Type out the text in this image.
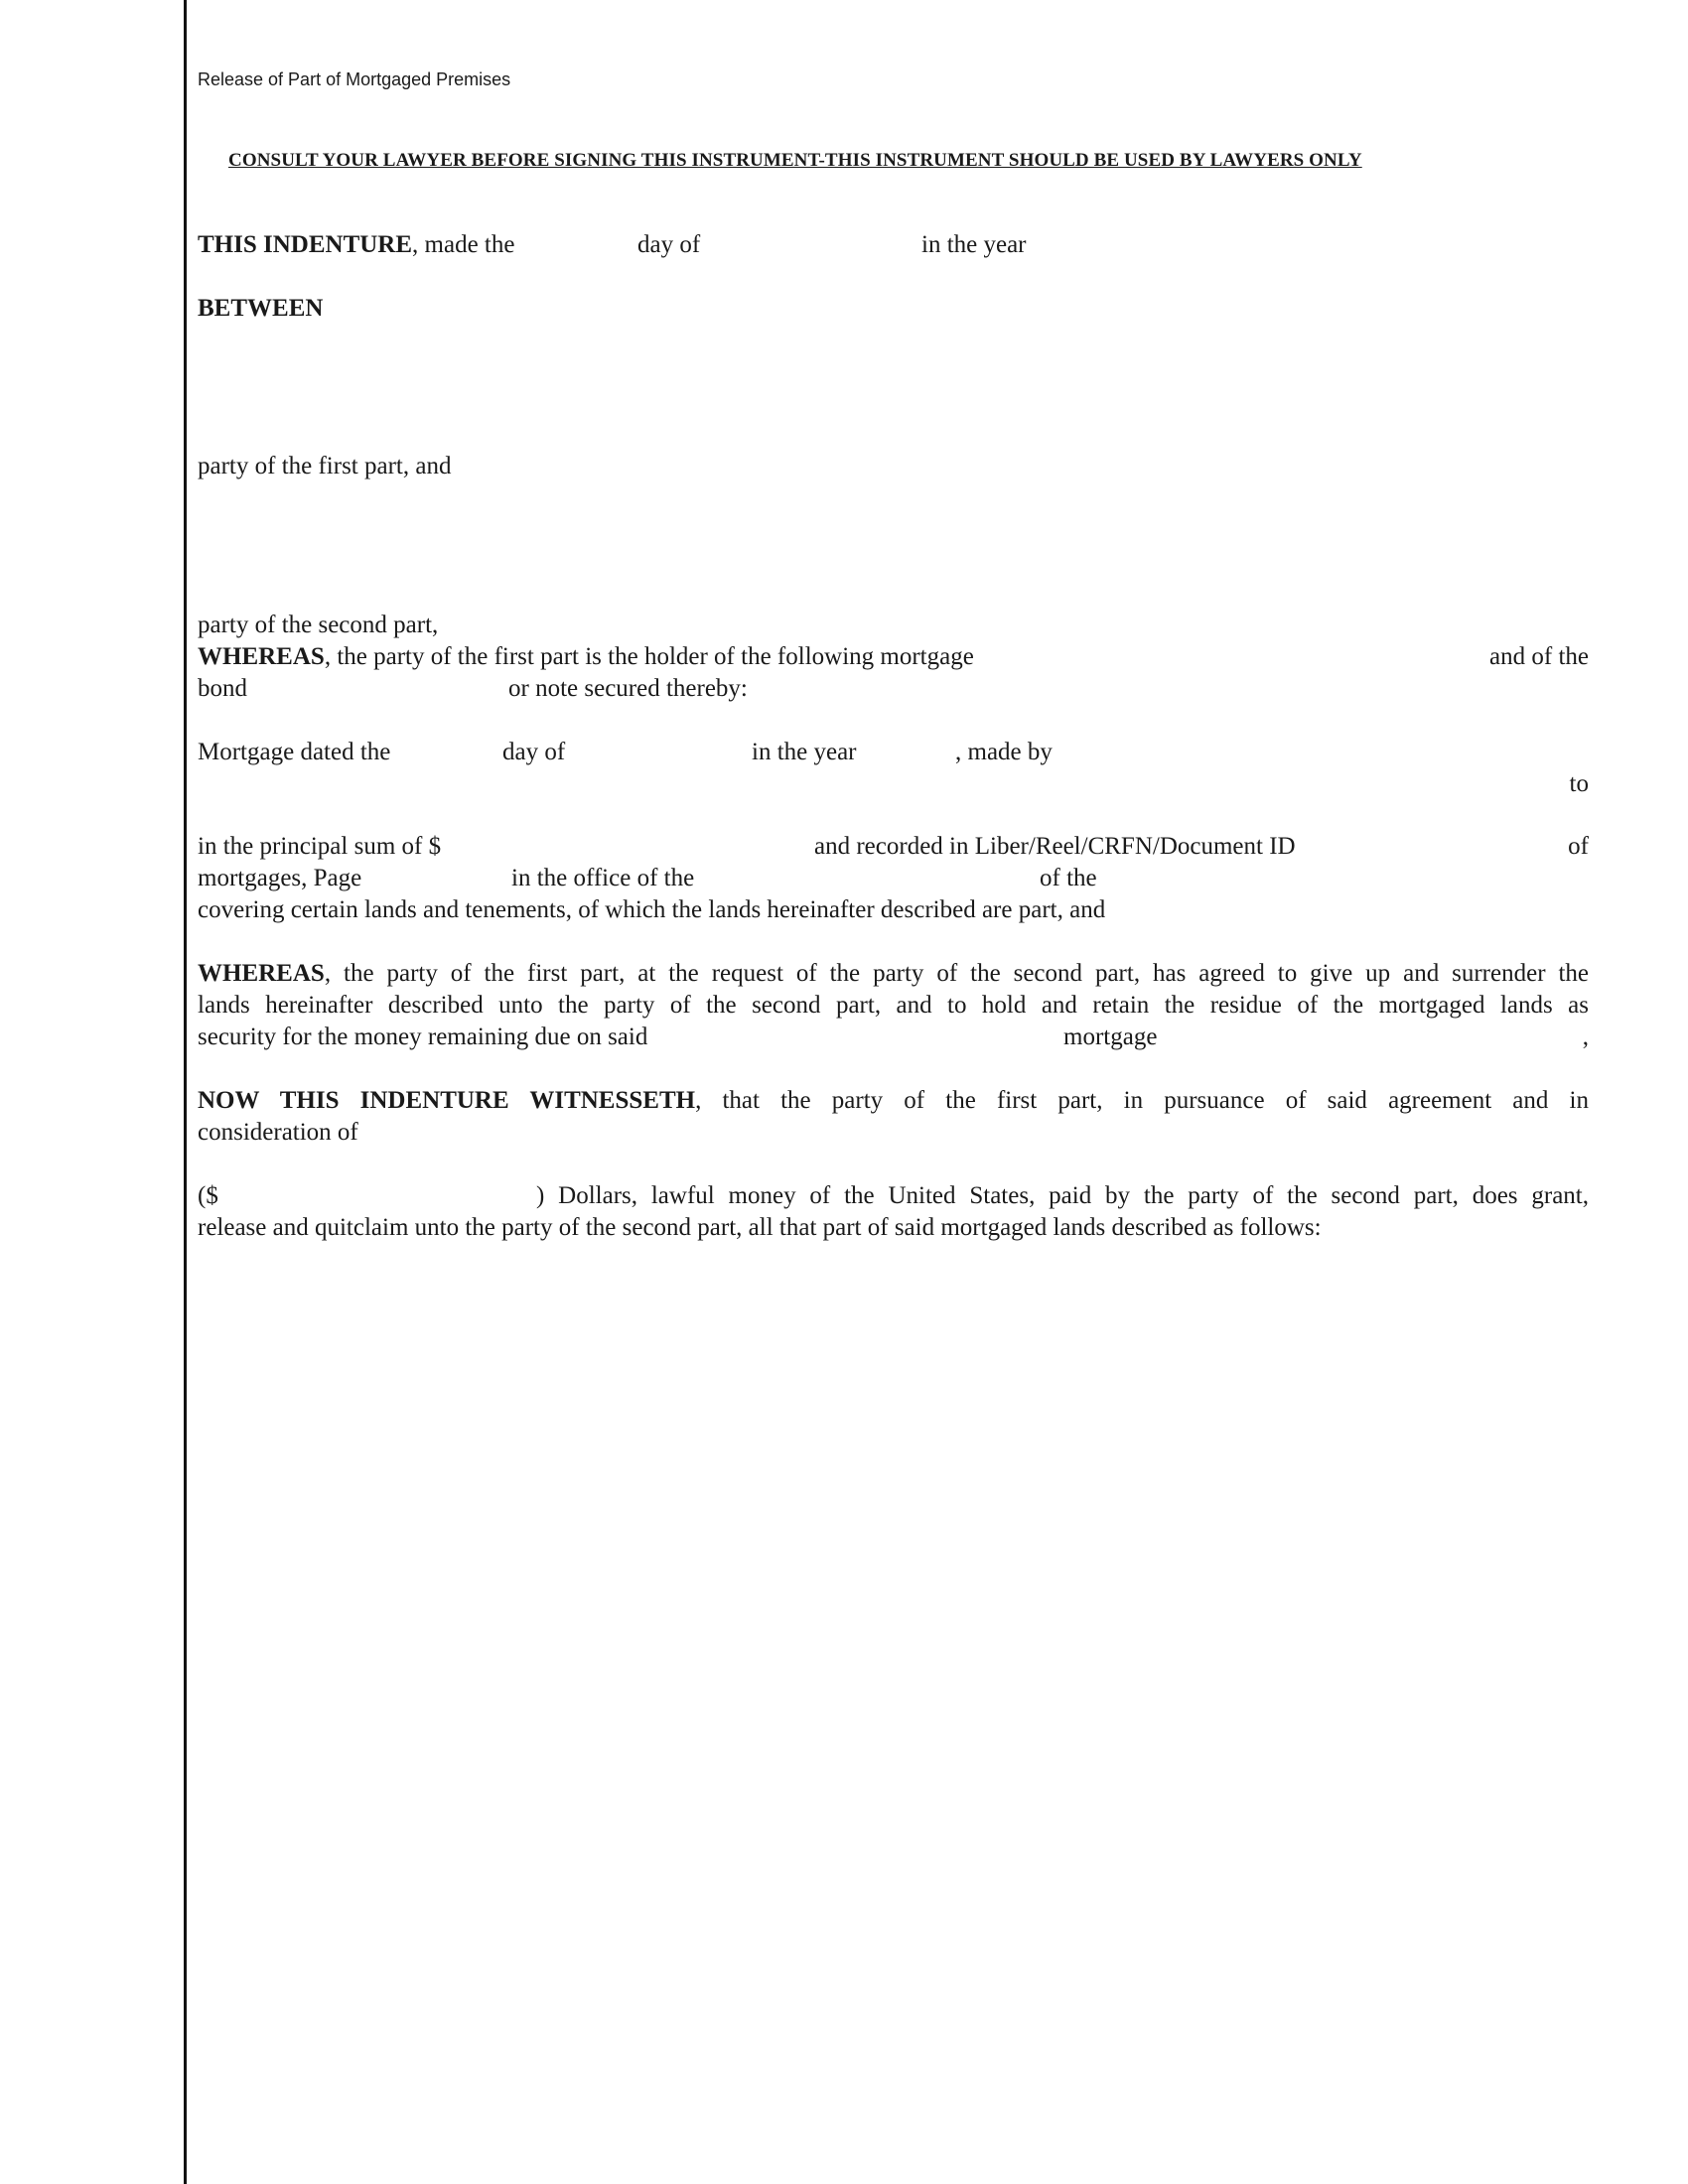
Release of Part of Mortgaged Premises
CONSULT YOUR LAWYER BEFORE SIGNING THIS INSTRUMENT-THIS INSTRUMENT SHOULD BE USED BY LAWYERS ONLY
THIS INDENTURE, made the	day of	in the year
BETWEEN
party of the first part, and
party of the second part,
WHEREAS, the party of the first part is the holder of the following mortgage	and of the
bond	or note secured thereby:
Mortgage dated the	day of	in the year	, made by
to
in the principal sum of $	and recorded in Liber/Reel/CRFN/Document ID	of
mortgages, Page	in the office of the	of the
covering certain lands and tenements, of which the lands hereinafter described are part, and
WHEREAS, the party of the first part, at the request of the party of the second part, has agreed to give up and surrender the
lands hereinafter described unto the party of the second part, and to hold and retain the residue of the mortgaged lands as
security for the money remaining due on said	mortgage	,
NOW THIS INDENTURE WITNESSETH, that the party of the first part, in pursuance of said agreement and in
consideration of
($	) Dollars, lawful money of the United States, paid by the party of the second part, does grant,
release and quitclaim unto the party of the second part, all that part of said mortgaged lands described as follows:
